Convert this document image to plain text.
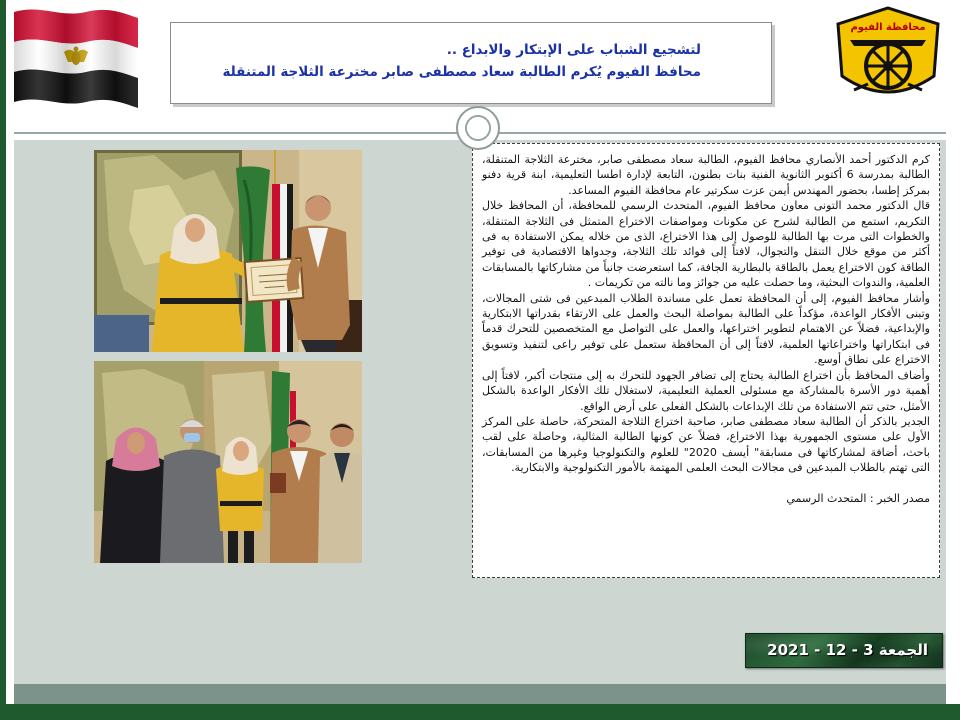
محافظة الفيوم
لتشجيع الشباب على الإبتكار والابداع ..
محافظ الفيوم يُكرم الطالبة سعاد مصطفى صابر مخترعة الثلاجة المتنقلة

كرم الدكتور أحمد الأنصاري محافظ الفيوم، الطالبة سعاد مصطفى صابر، مخترعة الثلاجة المتنقلة، الطالبة بمدرسة 6 أكتوبر الثانوية الفنية بنات بطنون، التابعة لإدارة اطسا التعليمية، ابنة قرية دفنو بمركز إطسا، بحضور المهندس أيمن عزت سكرتير عام محافظة الفيوم المساعد.

قال الدكتور محمد التونى معاون محافظ الفيوم، المتحدث الرسمي للمحافظة، أن المحافظ خلال التكريم، استمع من الطالبة لشرح عن مكونات ومواصفات الاختراع المتمثل فى الثلاجة المتنقلة، والخطوات التى مرت بها الطالبة للوصول إلى هذا الاختراع، الذى من خلاله يمكن الاستفادة به فى أكثر من موقع خلال التنقل والتجوال، لافتاً إلى فوائد تلك الثلاجة، وجدواها الاقتصادية فى توفير الطاقة كون الاختراع يعمل بالطاقة بالبطارية الجافة، كما استعرضت جانباً من مشاركاتها بالمسابقات العلمية، والندوات البحثية، وما حصلت عليه من جوائز وما نالته من تكريمات .

وأشار محافظ الفيوم، إلى أن المحافظة تعمل على مساندة الطلاب المبدعين فى شتى المجالات، وتبنى الأفكار الواعدة، مؤكداً على الطالبة بمواصلة البحث والعمل على الارتقاء بقدراتها الابتكارية والإبداعية، فضلاً عن الاهتمام لتطوير اختراعها، والعمل على التواصل مع المتخصصين للتحرك قدماً فى ابتكاراتها واختراعاتها العلمية، لافتاً إلى أن المحافظة ستعمل على توفير راعى لتنفيذ وتسويق الاختراع على نطاق أوسع.

وأضاف المحافظ بأن اختراع الطالبة يحتاج إلى تضافر الجهود للتحرك به إلى منتجات أكبر، لافتاً إلى أهمية دور الأسرة بالمشاركة مع مسئولى العملية التعليمية، لاستغلال تلك الأفكار الواعدة بالشكل الأمثل، حتى تتم الاستفادة من تلك الإبداعات بالشكل الفعلى على أرض الواقع.

الجدير بالذكر أن الطالبة سعاد مصطفى صابر، صاحبة اختراع الثلاجة المتحركة، حاصلة على المركز الأول على مستوى الجمهورية بهذا الاختراع، فضلاً عن كونها الطالبة المثالية، وحاصلة على لقب باحث، أضافة لمشاركاتها فى مسابقة" أيسف 2020" للعلوم والتكنولوجيا وغيرها من المسابقات، التى تهتم بالطلاب المبدعين فى مجالات البحث العلمى المهتمة بالأمور التكنولوجية والابتكارية.

مصدر الخبر : المتحدث الرسمي

الجمعة 3 - 12 - 2021
